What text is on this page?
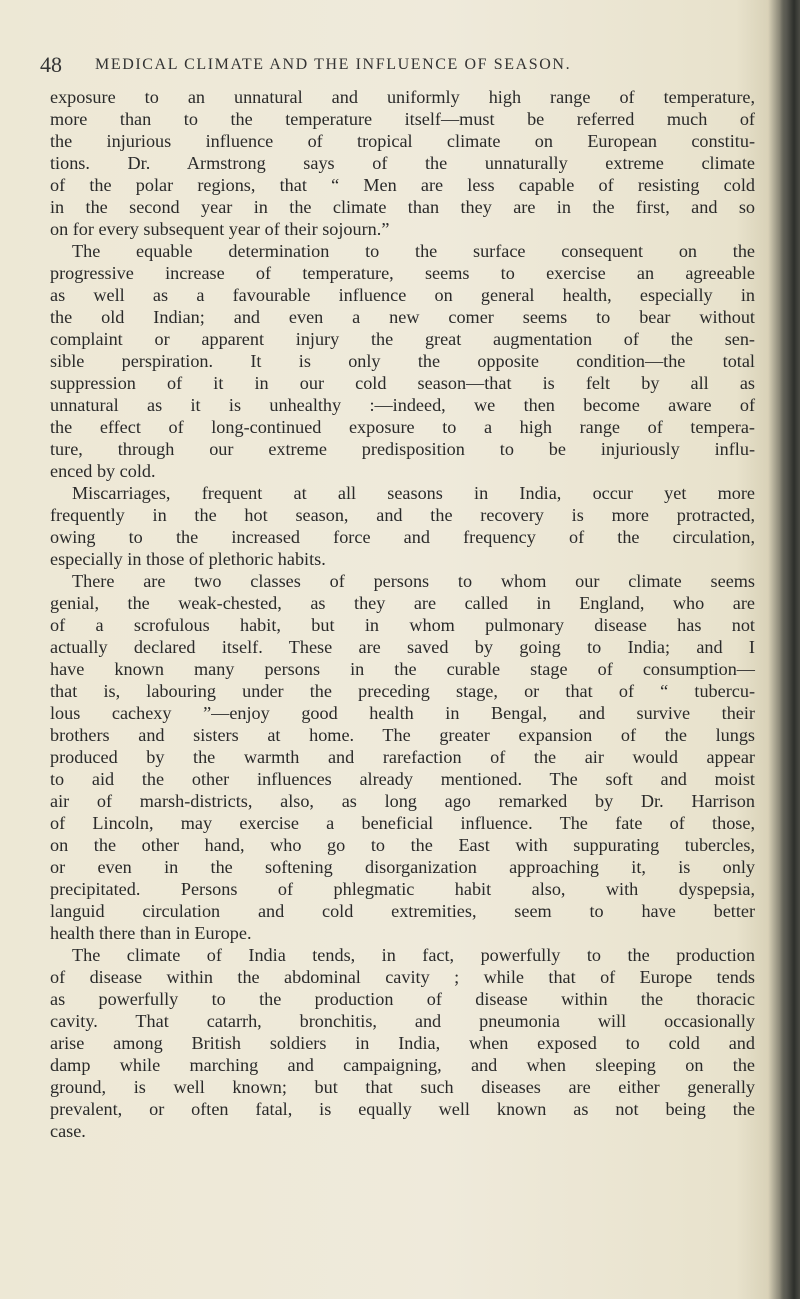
48 MEDICAL CLIMATE AND THE INFLUENCE OF SEASON.
exposure to an unnatural and uniformly high range of temperature,
more than to the temperature itself—must be referred much of
the injurious influence of tropical climate on European constitu-
tions. Dr. Armstrong says of the unnaturally extreme climate
of the polar regions, that “ Men are less capable of resisting cold
in the second year in the climate than they are in the first, and so
on for every subsequent year of their sojourn.”
The equable determination to the surface consequent on the
progressive increase of temperature, seems to exercise an agreeable
as well as a favourable influence on general health, especially in
the old Indian; and even a new comer seems to bear without
complaint or apparent injury the great augmentation of the sen-
sible perspiration. It is only the opposite condition—the total
suppression of it in our cold season—that is felt by all as
unnatural as it is unhealthy :—indeed, we then become aware of
the effect of long-continued exposure to a high range of tempera-
ture, through our extreme predisposition to be injuriously influ-
enced by cold.
Miscarriages, frequent at all seasons in India, occur yet more
frequently in the hot season, and the recovery is more protracted,
owing to the increased force and frequency of the circulation,
especially in those of plethoric habits.
There are two classes of persons to whom our climate seems
genial, the weak-chested, as they are called in England, who are
of a scrofulous habit, but in whom pulmonary disease has not
actually declared itself. These are saved by going to India; and I
have known many persons in the curable stage of consumption—
that is, labouring under the preceding stage, or that of “ tubercu-
lous cachexy ”—enjoy good health in Bengal, and survive their
brothers and sisters at home. The greater expansion of the lungs
produced by the warmth and rarefaction of the air would appear
to aid the other influences already mentioned. The soft and moist
air of marsh-districts, also, as long ago remarked by Dr. Harrison
of Lincoln, may exercise a beneficial influence. The fate of those,
on the other hand, who go to the East with suppurating tubercles,
or even in the softening disorganization approaching it, is only
precipitated. Persons of phlegmatic habit also, with dyspepsia,
languid circulation and cold extremities, seem to have better
health there than in Europe.
The climate of India tends, in fact, powerfully to the production
of disease within the abdominal cavity ; while that of Europe tends
as powerfully to the production of disease within the thoracic
cavity. That catarrh, bronchitis, and pneumonia will occasionally
arise among British soldiers in India, when exposed to cold and
damp while marching and campaigning, and when sleeping on the
ground, is well known; but that such diseases are either generally
prevalent, or often fatal, is equally well known as not being the
case.
